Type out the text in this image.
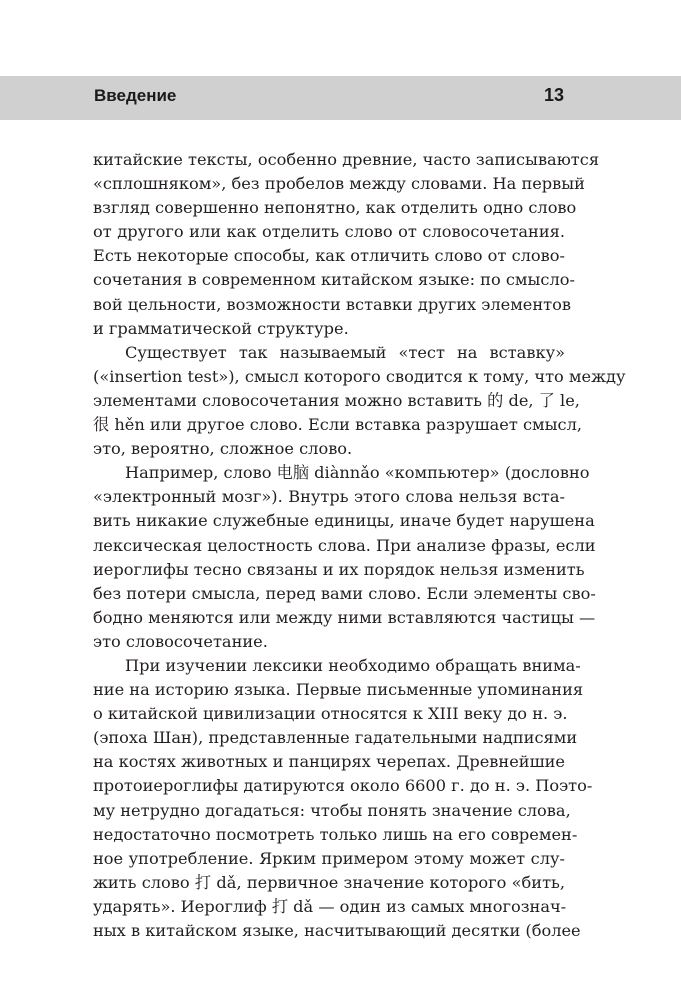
Введение	13
китайские тексты, особенно древние, часто записываются
«сплошняком», без пробелов между словами. На первый
взгляд совершенно непонятно, как отделить одно слово
от другого или как отделить слово от словосочетания.
Есть некоторые способы, как отличить слово от слово-
сочетания в современном китайском языке: по смысло-
вой цельности, возможности вставки других элементов
и грамматической структуре.
Существует так называемый «тест на вставку»
(«insertion test»), смысл которого сводится к тому, что между
элементами словосочетания можно вставить 的 de, 了 le,
很 hěn или другое слово. Если вставка разрушает смысл,
это, вероятно, сложное слово.
Например, слово 电脑 diànnǎo «компьютер» (дословно
«электронный мозг»). Внутрь этого слова нельзя вста-
вить никакие служебные единицы, иначе будет нарушена
лексическая целостность слова. При анализе фразы, если
иероглифы тесно связаны и их порядок нельзя изменить
без потери смысла, перед вами слово. Если элементы сво-
бодно меняются или между ними вставляются частицы —
это словосочетание.
При изучении лексики необходимо обращать внима-
ние на историю языка. Первые письменные упоминания
о китайской цивилизации относятся к XIII веку до н. э.
(эпоха Шан), представленные гадательными надписями
на костях животных и панцирях черепах. Древнейшие
протоиероглифы датируются около 6600 г. до н. э. Поэто-
му нетрудно догадаться: чтобы понять значение слова,
недостаточно посмотреть только лишь на его современ-
ное употребление. Ярким примером этому может слу-
жить слово 打 dǎ, первичное значение которого «бить,
ударять». Иероглиф 打 dǎ — один из самых многознач-
ных в китайском языке, насчитывающий десятки (более
